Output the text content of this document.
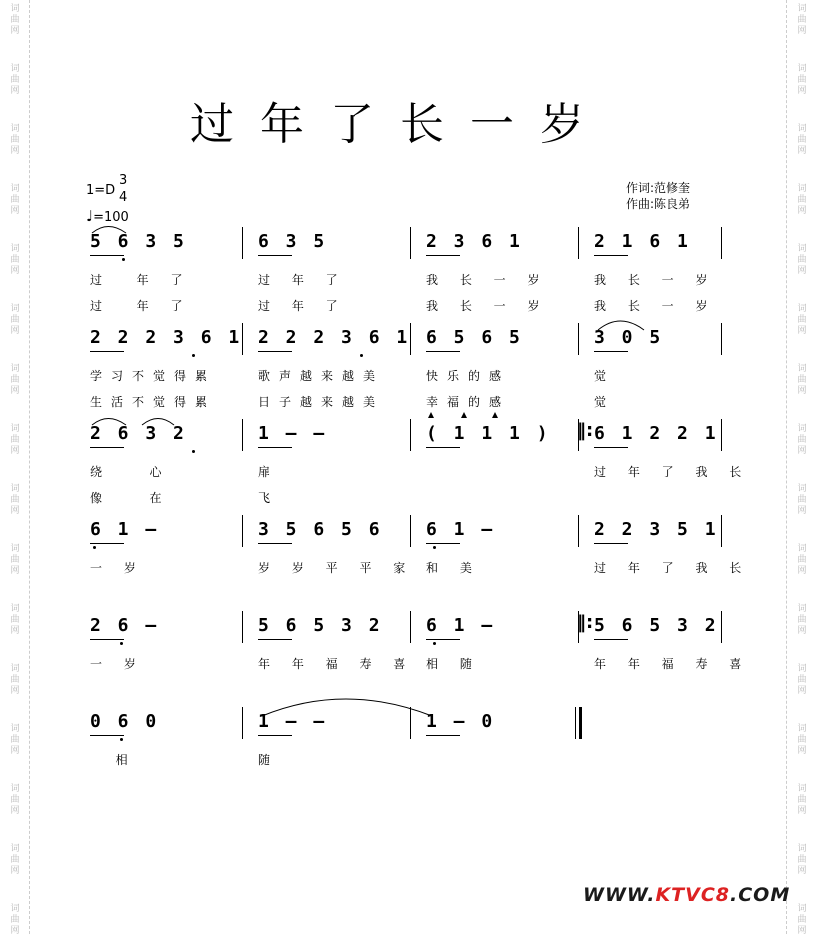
词
曲
网
词
曲
网
词
曲
网
词
曲
网
词
曲
网
词
曲
网
词
曲
网
词
曲
网
词
曲
网
词
曲
网
词
曲
网
词
曲
网
词
曲
网
词
曲
网
词
曲
网
词
曲
网
词
曲
网
词
曲
网
词
曲
网
词
曲
网
词
曲
网
词
曲
网
词
曲
网
词
曲
网
词
曲
网
词
曲
网
词
曲
网
词
曲
网
词
曲
网
词
曲
网
词
曲
网
词
曲
网
过年了长一岁
1=D
3
4
♩=100
作词:范修奎
作曲:陈良弟
5 6 3 5
过  年 了
过  年 了
6 3 5
过 年 了
过 年 了
2 3 6 1
我 长 一 岁
我 长 一 岁
2 1 6 1
我 长 一 岁
我 长 一 岁
2 2 2 3 6 1
学习不觉得累
生活不觉得累
2 2 2 3 6 1
歌声越来越美
日子越来越美
6 5 6 5
快乐的感
幸福的感
3 0 5
觉
觉
2 6 3 2
绕   心
像   在
1 – –
扉
飞
( 1 1 1 ) 6 1 2 2 1
过 年 了 我 长
6 1 –
一 岁
3 5 6 5 6
岁 岁 平 平 家
6 1 –
和 美
2 2 3 5 1
过 年 了 我 长
2 6 –
一 岁
5 6 5 3 2
年 年 福 寿 喜
6 1 –
相 随
5 6 5 3 2
年 年 福 寿 喜
0 6 0
相
1 – –
随
1 – 0
‖:
‖:
WWW.KTVC8.COM
